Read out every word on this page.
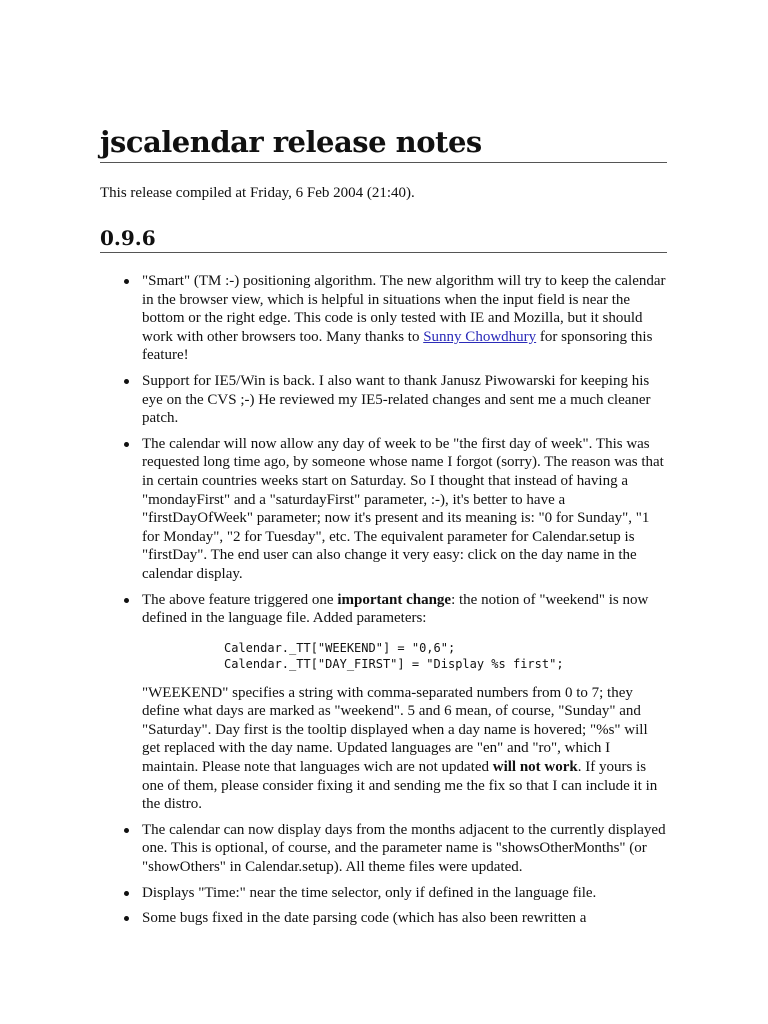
jscalendar release notes

This release compiled at Friday, 6 Feb 2004 (21:40).

0.9.6

"Smart" (TM :-) positioning algorithm. The new algorithm will try to keep the calendar in the browser view, which is helpful in situations when the input field is near the bottom or the right edge. This code is only tested with IE and Mozilla, but it should work with other browsers too. Many thanks to Sunny Chowdhury for sponsoring this feature!

Support for IE5/Win is back. I also want to thank Janusz Piwowarski for keeping his eye on the CVS ;-) He reviewed my IE5-related changes and sent me a much cleaner patch.

The calendar will now allow any day of week to be "the first day of week". This was requested long time ago, by someone whose name I forgot (sorry). The reason was that in certain countries weeks start on Saturday. So I thought that instead of having a "mondayFirst" and a "saturdayFirst" parameter, :-), it's better to have a "firstDayOfWeek" parameter; now it's present and its meaning is: "0 for Sunday", "1 for Monday", "2 for Tuesday", etc. The equivalent parameter for Calendar.setup is "firstDay". The end user can also change it very easy: click on the day name in the calendar display.

The above feature triggered one important change: the notion of "weekend" is now defined in the language file. Added parameters:

Calendar._TT["WEEKEND"] = "0,6";
Calendar._TT["DAY_FIRST"] = "Display %s first";

"WEEKEND" specifies a string with comma-separated numbers from 0 to 7; they define what days are marked as "weekend". 5 and 6 mean, of course, "Sunday" and "Saturday". Day first is the tooltip displayed when a day name is hovered; "%s" will get replaced with the day name. Updated languages are "en" and "ro", which I maintain. Please note that languages wich are not updated will not work. If yours is one of them, please consider fixing it and sending me the fix so that I can include it in the distro.

The calendar can now display days from the months adjacent to the currently displayed one. This is optional, of course, and the parameter name is "showsOtherMonths" (or "showOthers" in Calendar.setup). All theme files were updated.

Displays "Time:" near the time selector, only if defined in the language file.

Some bugs fixed in the date parsing code (which has also been rewritten a
